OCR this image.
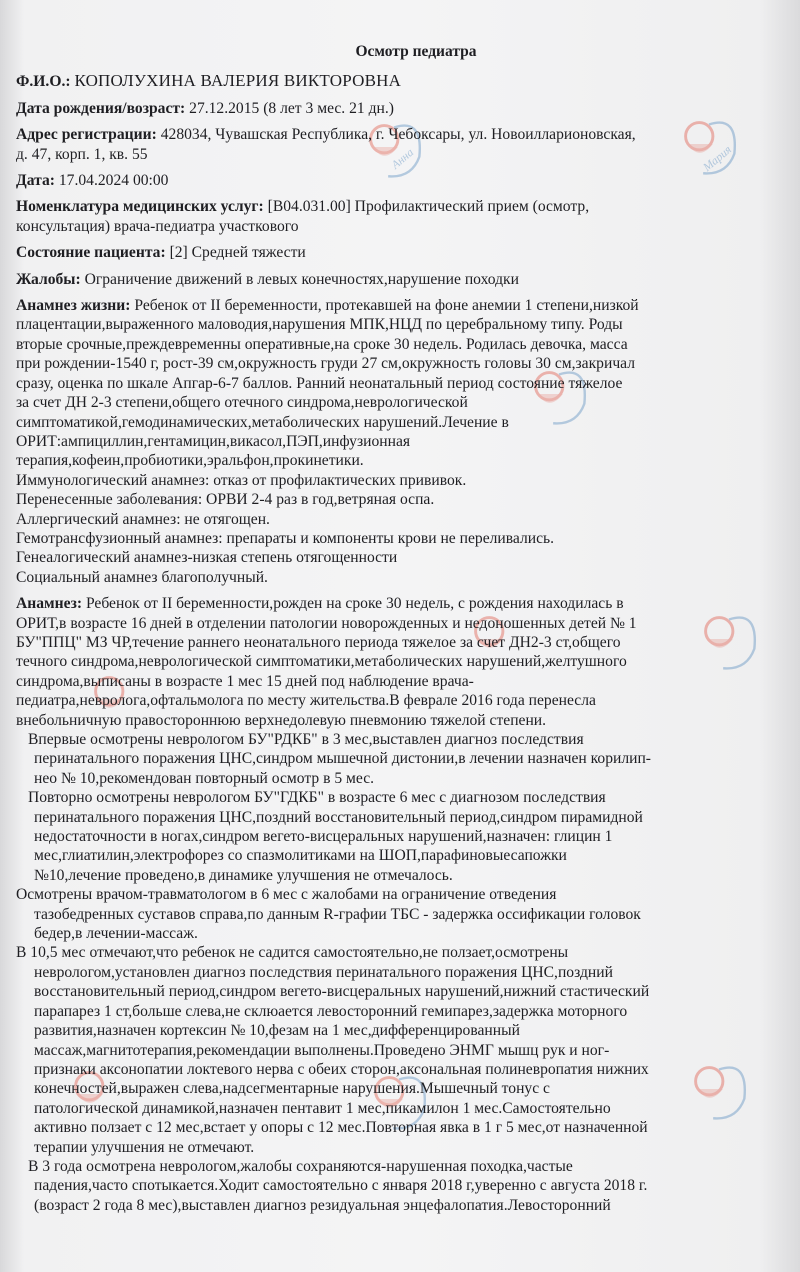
Анна	Мария
Осмотр педиатра
Ф.И.О.: КОПОЛУХИНА ВАЛЕРИЯ ВИКТОРОВНА
Дата рождения/возраст: 27.12.2015 (8 лет 3 мес. 21 дн.)
Адрес регистрации: 428034, Чувашская Республика, г. Чебоксары, ул. Новоилларионовская,
д. 47, корп. 1, кв. 55
Дата: 17.04.2024 00:00
Номенклатура медицинских услуг: [B04.031.00] Профилактический прием (осмотр,
консультация) врача-педиатра участкового
Состояние пациента: [2] Средней тяжести
Жалобы: Ограничение движений в левых конечностях,нарушение походки
Анамнез жизни: Ребенок от II беременности, протекавшей на фоне анемии 1 степени,низкой
плацентации,выраженного маловодия,нарушения МПК,НЦД по церебральному типу. Роды
вторые срочные,преждевременны оперативные,на сроке 30 недель. Родилась девочка, масса
при рождении-1540 г, рост-39 см,окружность груди 27 см,окружность головы 30 см,закричал
сразу, оценка по шкале Апгар-6-7 баллов. Ранний неонатальный период состояние тяжелое
за счет ДН 2-3 степени,общего отечного синдрома,неврологической
симптоматикой,гемодинамических,метаболических нарушений.Лечение в
ОРИТ:ампициллин,гентамицин,викасол,ПЭП,инфузионная
терапия,кофеин,пробиотики,эральфон,прокинетики.
Иммунологический анамнез: отказ от профилактических прививок.
Перенесенные заболевания: ОРВИ 2-4 раз в год,ветряная оспа.
Аллергический анамнез: не отягощен.
Гемотрансфузионный анамнез: препараты и компоненты крови не переливались.
Генеалогический анамнез-низкая степень отягощенности
Социальный анамнез благополучный.
Анамнез: Ребенок от II беременности,рожден на сроке 30 недель, с рождения находилась в
ОРИТ,в возрасте 16 дней в отделении патологии новорожденных и недоношенных детей № 1
БУ"ППЦ" МЗ ЧР,течение раннего неонатального периода тяжелое за счет ДН2-3 ст,общего
течного синдрома,неврологической симптоматики,метаболических нарушений,желтушного
синдрома,выписаны в возрасте 1 мес 15 дней под наблюдение врача-
педиатра,невролога,офтальмолога по месту жительства.В феврале 2016 года перенесла
внебольничную правостороннюю верхнедолевую пневмонию тяжелой степени.
Впервые осмотрены неврологом БУ"РДКБ" в 3 мес,выставлен диагноз последствия
перинатального поражения ЦНС,синдром мышечной дистонии,в лечении назначен корилип-
нео № 10,рекомендован повторный осмотр в 5 мес.
Повторно осмотрены неврологом БУ"ГДКБ" в возрасте 6 мес с диагнозом последствия
перинатального поражения ЦНС,поздний восстановительный период,синдром пирамидной
недостаточности в ногах,синдром вегето-висцеральных нарушений,назначен: глицин 1
мес,глиатилин,электрофорез со спазмолитиками на ШОП,парафиновыесапожки
№10,лечение проведено,в динамике улучшения не отмечалось.
Осмотрены врачом-травматологом в 6 мес с жалобами на ограничение отведения
тазобедренных суставов справа,по данным R-графии ТБС - задержка оссификации головок
бедер,в лечении-массаж.
В 10,5 мес отмечают,что ребенок не садится самостоятельно,не ползает,осмотрены
неврологом,установлен диагноз последствия перинатального поражения ЦНС,поздний
восстановительный период,синдром вегето-висцеральных нарушений,нижний стастический
парапарез 1 ст,больше слева,не склюается левосторонний гемипарез,задержка моторного
развития,назначен кортексин № 10,фезам на 1 мес,дифференцированный
массаж,магнитотерапия,рекомендации выполнены.Проведено ЭНМГ мышц рук и ног-
признаки аксонопатии локтевого нерва с обеих сторон,аксональная полиневропатия нижних
конечностей,выражен слева,надсегментарные нарушения.Мышечный тонус с
патологической динамикой,назначен пентавит 1 мес,пикамилон 1 мес.Самостоятельно
активно ползает с 12 мес,встает у опоры с 12 мес.Повторная явка в 1 г 5 мес,от назначенной
терапии улучшения не отмечают.
В 3 года осмотрена неврологом,жалобы сохраняются-нарушенная походка,частые
падения,часто спотыкается.Ходит самостоятельно с января 2018 г,уверенно с августа 2018 г.
(возраст 2 года 8 мес),выставлен диагноз резидуальная энцефалопатия.Левосторонний
